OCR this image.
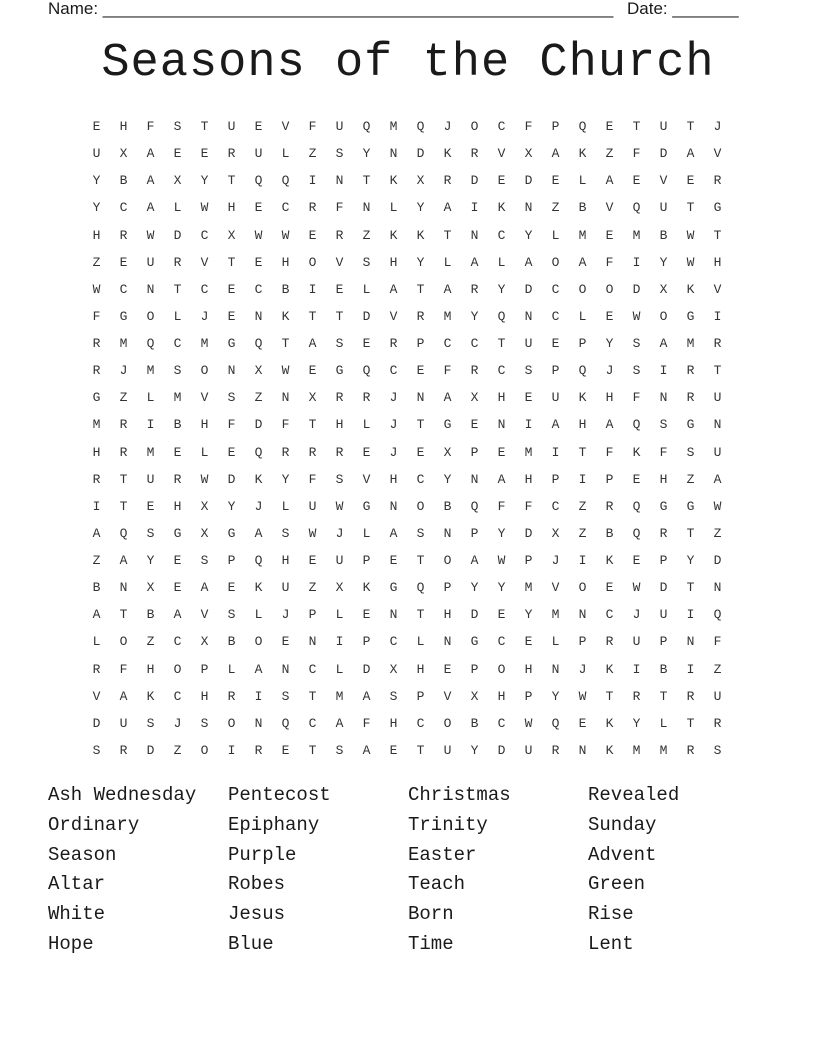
Name: ______________________________________________________ Date: _______
Seasons of the Church
E	H	F	S	T	U	E	V	F	U	Q	M	Q	J	O	C	F	P	Q	E	T	U	T	J
U	X	A	E	E	R	U	L	Z	S	Y	N	D	K	R	V	X	A	K	Z	F	D	A	V
Y	B	A	X	Y	T	Q	Q	I	N	T	K	X	R	D	E	D	E	L	A	E	V	E	R
Y	C	A	L	W	H	E	C	R	F	N	L	Y	A	I	K	N	Z	B	V	Q	U	T	G
H	R	W	D	C	X	W	W	E	R	Z	K	K	T	N	C	Y	L	M	E	M	B	W	T
Z	E	U	R	V	T	E	H	O	V	S	H	Y	L	A	L	A	O	A	F	I	Y	W	H
W	C	N	T	C	E	C	B	I	E	L	A	T	A	R	Y	D	C	O	O	D	X	K	V
F	G	O	L	J	E	N	K	T	T	D	V	R	M	Y	Q	N	C	L	E	W	O	G	I
R	M	Q	C	M	G	Q	T	A	S	E	R	P	C	C	T	U	E	P	Y	S	A	M	R
R	J	M	S	O	N	X	W	E	G	Q	C	E	F	R	C	S	P	Q	J	S	I	R	T
G	Z	L	M	V	S	Z	N	X	R	R	J	N	A	X	H	E	U	K	H	F	N	R	U
M	R	I	B	H	F	D	F	T	H	L	J	T	G	E	N	I	A	H	A	Q	S	G	N
H	R	M	E	L	E	Q	R	R	R	E	J	E	X	P	E	M	I	T	F	K	F	S	U
R	T	U	R	W	D	K	Y	F	S	V	H	C	Y	N	A	H	P	I	P	E	H	Z	A
I	T	E	H	X	Y	J	L	U	W	G	N	O	B	Q	F	F	C	Z	R	Q	G	G	W
A	Q	S	G	X	G	A	S	W	J	L	A	S	N	P	Y	D	X	Z	B	Q	R	T	Z
Z	A	Y	E	S	P	Q	H	E	U	P	E	T	O	A	W	P	J	I	K	E	P	Y	D
B	N	X	E	A	E	K	U	Z	X	K	G	Q	P	Y	Y	M	V	O	E	W	D	T	N
A	T	B	A	V	S	L	J	P	L	E	N	T	H	D	E	Y	M	N	C	J	U	I	Q
L	O	Z	C	X	B	O	E	N	I	P	C	L	N	G	C	E	L	P	R	U	P	N	F
R	F	H	O	P	L	A	N	C	L	D	X	H	E	P	O	H	N	J	K	I	B	I	Z
V	A	K	C	H	R	I	S	T	M	A	S	P	V	X	H	P	Y	W	T	R	T	R	U
D	U	S	J	S	O	N	Q	C	A	F	H	C	O	B	C	W	Q	E	K	Y	L	T	R
S	R	D	Z	O	I	R	E	T	S	A	E	T	U	Y	D	U	R	N	K	M	M	R	S
Ash Wednesday	Pentecost	Christmas	Revealed
Ordinary	Epiphany	Trinity	Sunday
Season	Purple	Easter	Advent
Altar	Robes	Teach	Green
White	Jesus	Born	Rise
Hope	Blue	Time	Lent
